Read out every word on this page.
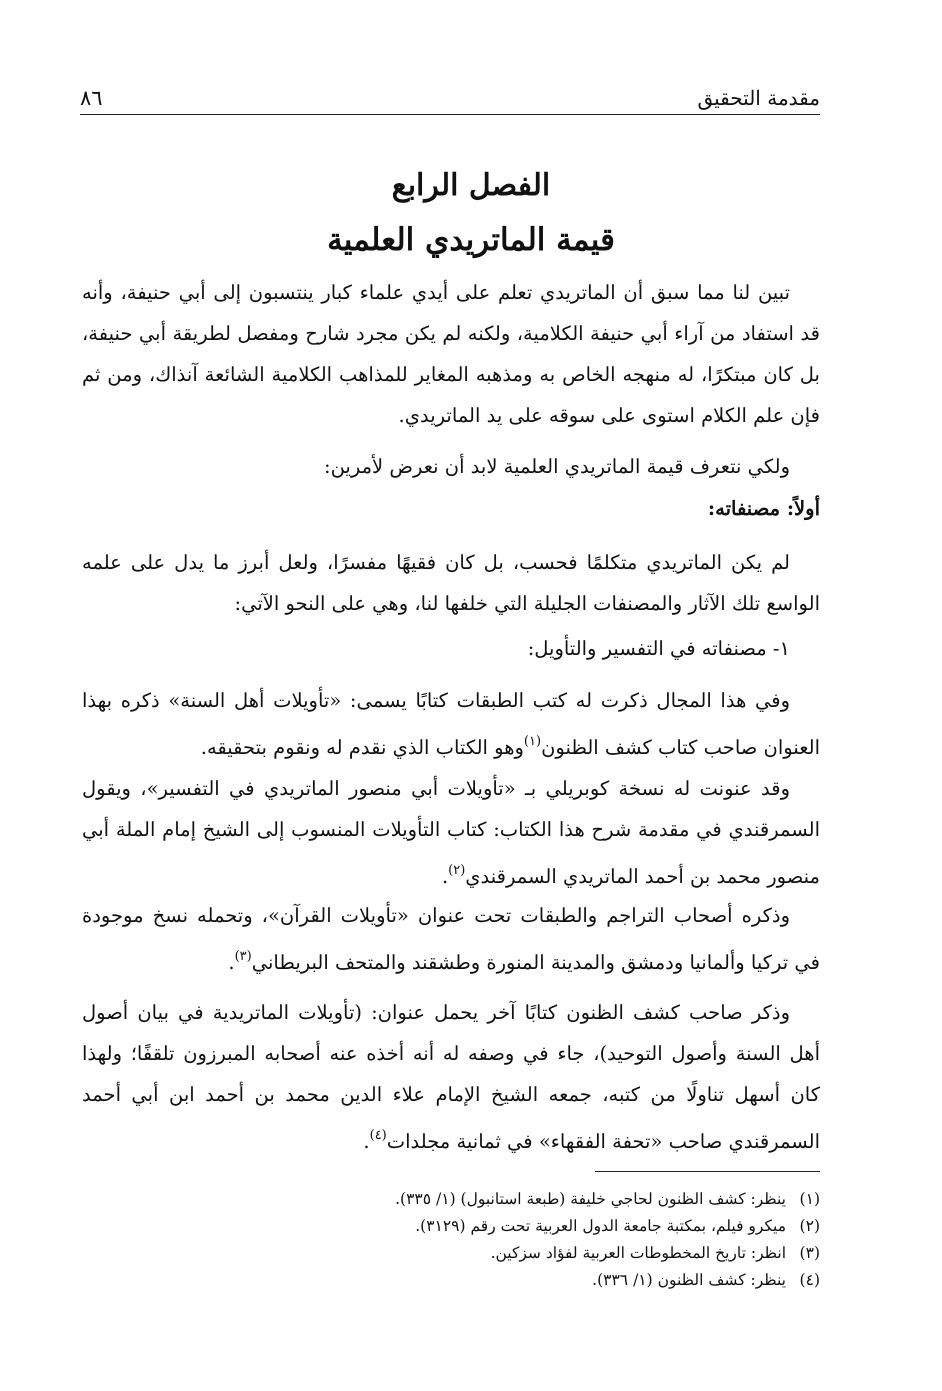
مقدمة التحقيق
٨٦
الفصل الرابع
قيمة الماتريدي العلمية

تبين لنا مما سبق أن الماتريدي تعلم على أيدي علماء كبار ينتسبون إلى أبي حنيفة، وأنه قد استفاد من آراء أبي حنيفة الكلامية، ولكنه لم يكن مجرد شارح ومفصل لطريقة أبي حنيفة، بل كان مبتكرًا، له منهجه الخاص به ومذهبه المغاير للمذاهب الكلامية الشائعة آنذاك، ومن ثم فإن علم الكلام استوى على سوقه على يد الماتريدي.

ولكي نتعرف قيمة الماتريدي العلمية لابد أن نعرض لأمرين:

أولاً: مصنفاته:

لم يكن الماتريدي متكلمًا فحسب، بل كان فقيهًا مفسرًا، ولعل أبرز ما يدل على علمه الواسع تلك الآثار والمصنفات الجليلة التي خلفها لنا، وهي على النحو الآتي:

١- مصنفاته في التفسير والتأويل:

وفي هذا المجال ذكرت له كتب الطبقات كتابًا يسمى: «تأويلات أهل السنة» ذكره بهذا العنوان صاحب كتاب كشف الظنون$^{(١)}$وهو الكتاب الذي نقدم له ونقوم بتحقيقه.

وقد عنونت له نسخة كوبريلي بـ «تأويلات أبي منصور الماتريدي في التفسير»، ويقول السمرقندي في مقدمة شرح هذا الكتاب: كتاب التأويلات المنسوب إلى الشيخ إمام الملة أبي منصور محمد بن أحمد الماتريدي السمرقندي$^{(٢)}$.

وذكره أصحاب التراجم والطبقات تحت عنوان «تأويلات القرآن»، وتحمله نسخ موجودة في تركيا وألمانيا ودمشق والمدينة المنورة وطشقند والمتحف البريطاني$^{(٣)}$.

وذكر صاحب كشف الظنون كتابًا آخر يحمل عنوان: (تأويلات الماتريدية في بيان أصول أهل السنة وأصول التوحيد)، جاء في وصفه له أنه أخذه عنه أصحابه المبرزون تلقفًا؛ ولهذا كان أسهل تناولًا من كتبه، جمعه الشيخ الإمام علاء الدين محمد بن أحمد ابن أبي أحمد السمرقندي صاحب «تحفة الفقهاء» في ثمانية مجلدات$^{(٤)}$.

(١)ينظر: كشف الظنون لحاجي خليفة (طبعة استانبول) (١/ ٣٣٥).

(٢)ميكرو فيلم، بمكتبة جامعة الدول العربية تحت رقم (٣١٢٩).

(٣)انظر: تاريخ المخطوطات العربية لفؤاد سزكين.

(٤)ينظر: كشف الظنون (١/ ٣٣٦).
